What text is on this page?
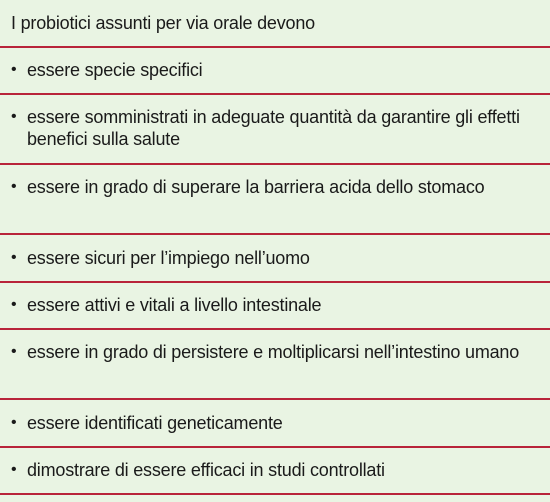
I probiotici assunti per via orale devono
• essere specie specifici
• essere somministrati in adeguate quantità da garantire gli effetti benefici sulla salute
• essere in grado di superare la barriera acida dello stomaco
• essere sicuri per l’impiego nell’uomo
• essere attivi e vitali a livello intestinale
• essere in grado di persistere e moltiplicarsi nell’intestino umano
• essere identificati geneticamente
• dimostrare di essere efficaci in studi controllati
